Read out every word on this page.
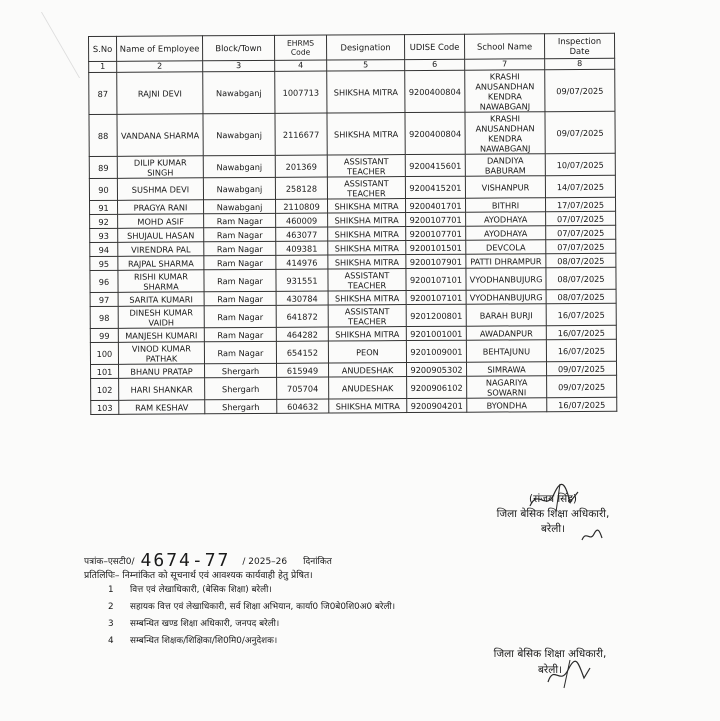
S.No	Name of Employee	Block/Town	EHRMS Code	Designation	UDISE Code	School Name	Inspection Date
1	2	3	4	5	6	7	8
87	RAJNI DEVI	Nawabganj	1007713	SHIKSHA MITRA	9200400804	KRASHI ANUSANDHAN KENDRA NAWABGANJ	09/07/2025
88	VANDANA SHARMA	Nawabganj	2116677	SHIKSHA MITRA	9200400804	KRASHI ANUSANDHAN KENDRA NAWABGANJ	09/07/2025
89	DILIP KUMAR SINGH	Nawabganj	201369	ASSISTANT TEACHER	9200415601	DANDIYA BABURAM	10/07/2025
90	SUSHMA DEVI	Nawabganj	258128	ASSISTANT TEACHER	9200415201	VISHANPUR	14/07/2025
91	PRAGYA RANI	Nawabganj	2110809	SHIKSHA MITRA	9200401701	BITHRI	17/07/2025
92	MOHD ASIF	Ram Nagar	460009	SHIKSHA MITRA	9200107701	AYODHAYA	07/07/2025
93	SHUJAUL HASAN	Ram Nagar	463077	SHIKSHA MITRA	9200107701	AYODHAYA	07/07/2025
94	VIRENDRA PAL	Ram Nagar	409381	SHIKSHA MITRA	9200101501	DEVCOLA	07/07/2025
95	RAJPAL SHARMA	Ram Nagar	414976	SHIKSHA MITRA	9200107901	PATTI DHRAMPUR	08/07/2025
96	RISHI KUMAR SHARMA	Ram Nagar	931551	ASSISTANT TEACHER	9200107101	VYODHANBUJURG	08/07/2025
97	SARITA KUMARI	Ram Nagar	430784	SHIKSHA MITRA	9200107101	VYODHANBUJURG	08/07/2025
98	DINESH KUMAR VAIDH	Ram Nagar	641872	ASSISTANT TEACHER	9201200801	BARAH BURJI	16/07/2025
99	MANJESH KUMARI	Ram Nagar	464282	SHIKSHA MITRA	9201001001	AWADANPUR	16/07/2025
100	VINOD KUMAR PATHAK	Ram Nagar	654152	PEON	9201009001	BEHTAJUNU	16/07/2025
101	BHANU PRATAP	Shergarh	615949	ANUDESHAK	9200905302	SIMRAWA	09/07/2025
102	HARI SHANKAR	Shergarh	705704	ANUDESHAK	9200906102	NAGARIYA SOWARNI	09/07/2025
103	RAM KESHAV	Shergarh	604632	SHIKSHA MITRA	9200904201	BYONDHA	16/07/2025
(संजय सिंह)
जिला बेसिक शिक्षा अधिकारी,
बरेली।
पत्रांक–एसटी0/ 4674-77 / 2025–26 दिनांकित
प्रतिलिपिः– निम्नांकित को सूचनार्थ एवं आवश्यक कार्यवाही हेतु प्रेषित।
1 वित्त एवं लेखाधिकारी, (बेसिक शिक्षा) बरेली।
2 सहायक वित्त एवं लेखाधिकारी, सर्व शिक्षा अभियान, कार्या0 जि0बे0शि0अ0 बरेली।
3 सम्बन्धित खण्ड शिक्षा अधिकारी, जनपद बरेली।
4 सम्बन्धित शिक्षक/शिक्षिका/शि0मि0/अनुदेशक।
जिला बेसिक शिक्षा अधिकारी,
बरेली।
